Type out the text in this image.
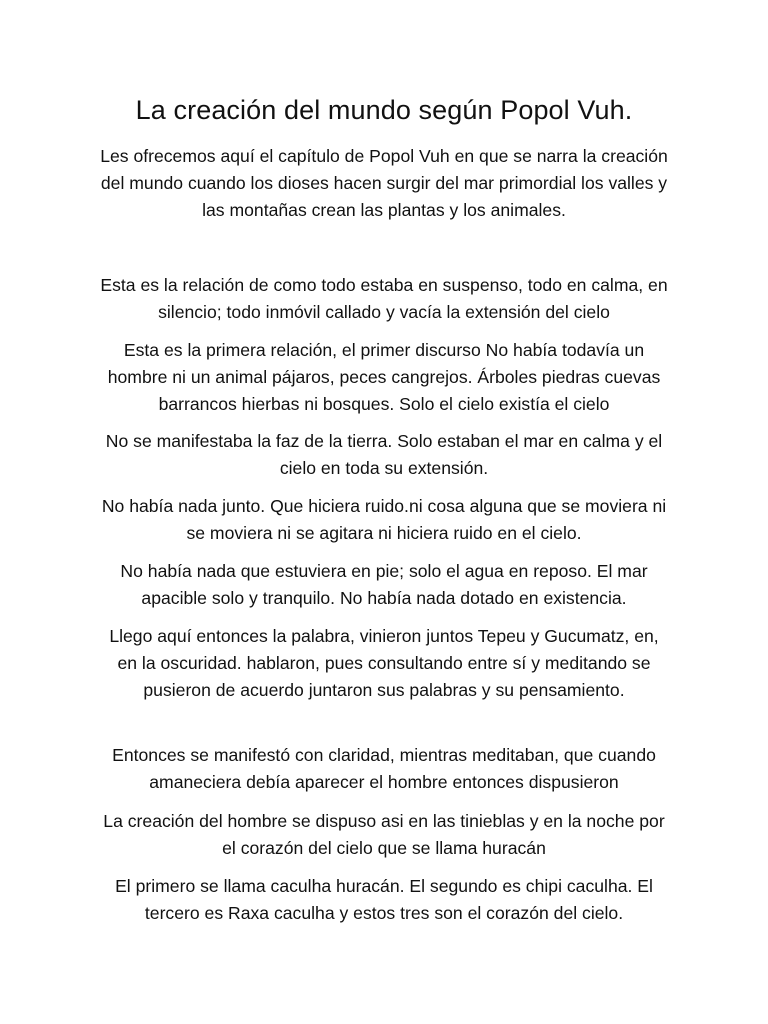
La creación del mundo según Popol Vuh.

Les ofrecemos aquí el capítulo de Popol Vuh en que se narra la creación del mundo cuando los dioses hacen surgir del mar primordial los valles y las montañas crean las plantas y los animales.

Esta es la relación de como todo estaba en suspenso, todo en calma, en silencio; todo inmóvil callado y vacía la extensión del cielo

Esta es la primera relación, el primer discurso No había todavía un hombre ni un animal pájaros, peces cangrejos. Árboles piedras cuevas barrancos hierbas ni bosques. Solo el cielo existía el cielo

No se manifestaba la faz de la tierra. Solo estaban el mar en calma y el cielo en toda su extensión.

No había nada junto. Que hiciera ruido.ni cosa alguna que se moviera ni se moviera ni se agitara ni hiciera ruido en el cielo.

No había nada que estuviera en pie; solo el agua en reposo. El mar apacible solo y tranquilo. No había nada dotado en existencia.

Llego aquí entonces la palabra, vinieron juntos Tepeu y Gucumatz, en, en la oscuridad. hablaron, pues consultando entre sí y meditando se pusieron de acuerdo juntaron sus palabras y su pensamiento.

Entonces se manifestó con claridad, mientras meditaban, que cuando amaneciera debía aparecer el hombre entonces dispusieron

La creación del hombre se dispuso asi en las tinieblas y en la noche por el corazón del cielo que se llama huracán

El primero se llama caculha huracán. El segundo es chipi caculha. El tercero es Raxa caculha y estos tres son el corazón del cielo.
